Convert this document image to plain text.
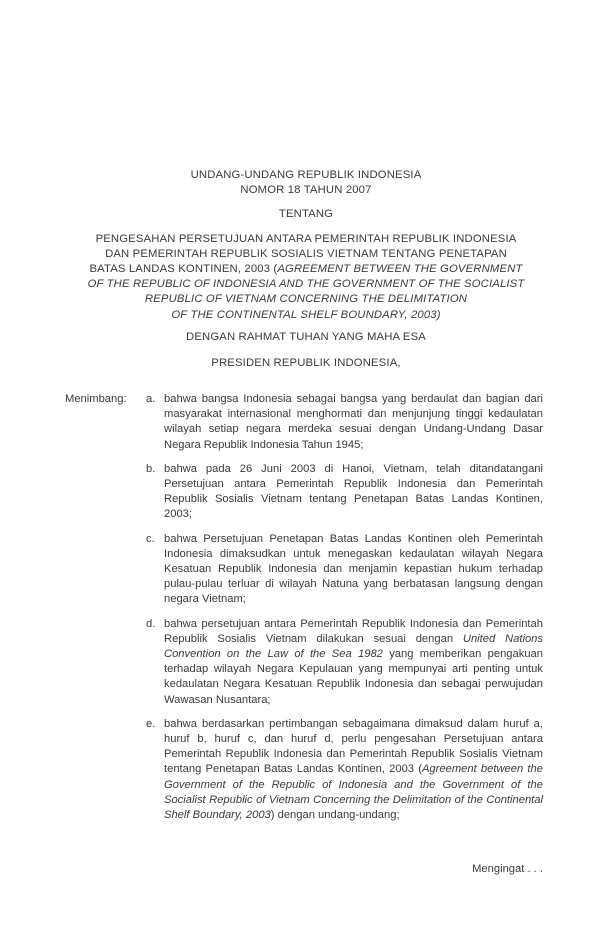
UNDANG-UNDANG REPUBLIK INDONESIA
NOMOR 18 TAHUN 2007
TENTANG
PENGESAHAN PERSETUJUAN ANTARA PEMERINTAH REPUBLIK INDONESIA
DAN PEMERINTAH REPUBLIK SOSIALIS VIETNAM TENTANG PENETAPAN
BATAS LANDAS KONTINEN, 2003 (AGREEMENT BETWEEN THE GOVERNMENT
OF THE REPUBLIC OF INDONESIA AND THE GOVERNMENT OF THE SOCIALIST
REPUBLIC OF VIETNAM CONCERNING THE DELIMITATION
OF THE CONTINENTAL SHELF BOUNDARY, 2003)
DENGAN RAHMAT TUHAN YANG MAHA ESA
PRESIDEN REPUBLIK INDONESIA,
Menimbang:	a. bahwa bangsa Indonesia sebagai bangsa yang berdaulat dan bagian dari masyarakat internasional menghormati dan menjunjung tinggi kedaulatan wilayah setiap negara merdeka sesuai dengan Undang-Undang Dasar Negara Republik Indonesia Tahun 1945;

b. bahwa pada 26 Juni 2003 di Hanoi, Vietnam, telah ditandatangani Persetujuan antara Pemerintah Republik Indonesia dan Pemerintah Republik Sosialis Vietnam tentang Penetapan Batas Landas Kontinen, 2003;

c. bahwa Persetujuan Penetapan Batas Landas Kontinen oleh Pemerintah Indonesia dimaksudkan untuk menegaskan kedaulatan wilayah Negara Kesatuan Republik Indonesia dan menjamin kepastian hukum terhadap pulau-pulau terluar di wilayah Natuna yang berbatasan langsung dengan negara Vietnam;

d. bahwa persetujuan antara Pemerintah Republik Indonesia dan Pemerintah Republik Sosialis Vietnam dilakukan sesuai dengan United Nations Convention on the Law of the Sea 1982 yang memberikan pengakuan terhadap wilayah Negara Kepulauan yang mempunyai arti penting untuk kedaulatan Negara Kesatuan Republik Indonesia dan sebagai perwujudan Wawasan Nusantara;

e. bahwa berdasarkan pertimbangan sebagaimana dimaksud dalam huruf a, huruf b, huruf c, dan huruf d, perlu pengesahan Persetujuan antara Pemerintah Republik Indonesia dan Pemerintah Republik Sosialis Vietnam tentang Penetapan Batas Landas Kontinen, 2003 (Agreement between the Government of the Republic of Indonesia and the Government of the Socialist Republic of Vietnam Concerning the Delimitation of the Continental Shelf Boundary, 2003) dengan undang-undang;

Mengingat . . .
